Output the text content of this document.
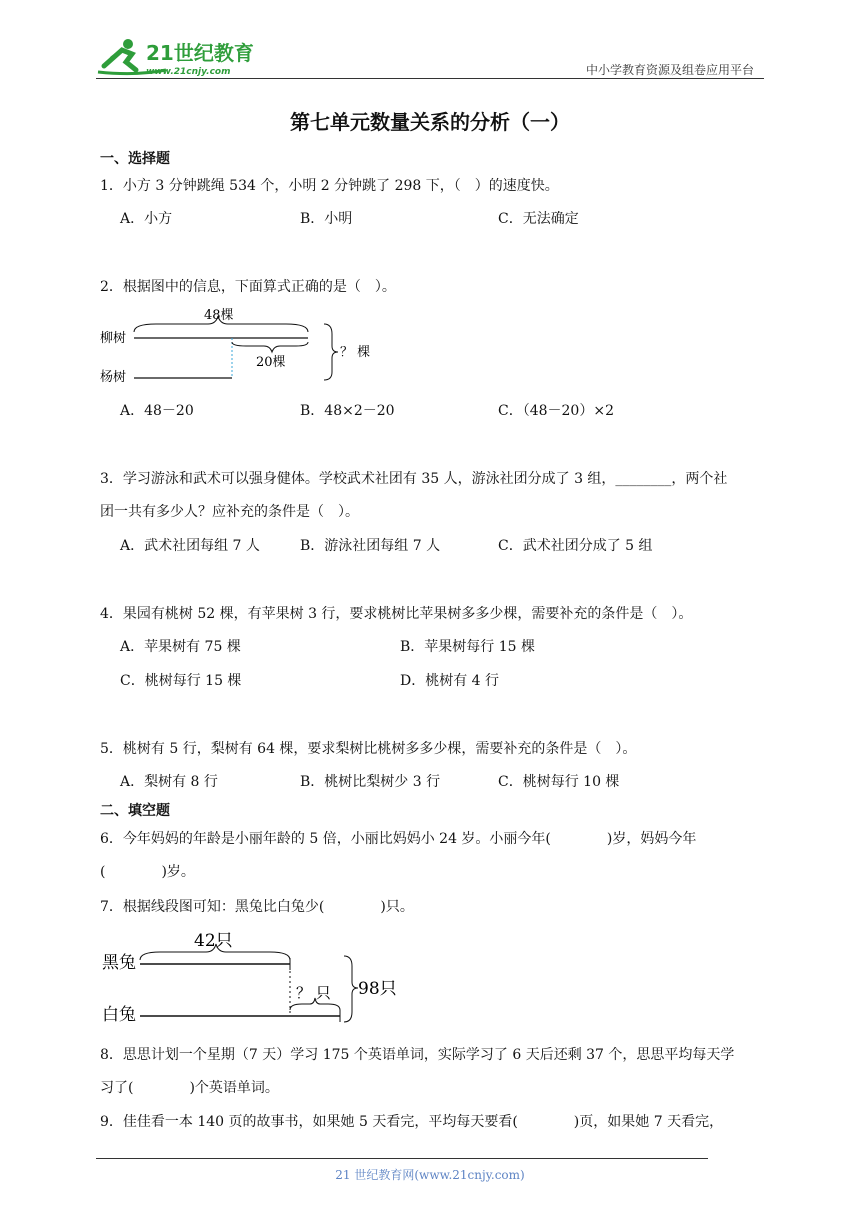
21世纪教育
www.21cnjy.com	中小学教育资源及组卷应用平台
第七单元数量关系的分析（一）
一、选择题
1．小方 3 分钟跳绳 534 个，小明 2 分钟跳了 298 下，（　）的速度快。
A．小方	B．小明	C．无法确定
2．根据图中的信息，下面算式正确的是（　）。
柳树
杨树
48棵
20棵
？ 棵
A．48－20	B．48×2－20	C．（48－20）×2
3．学习游泳和武术可以强身健体。学校武术社团有 35 人，游泳社团分成了 3 组，________，两个社
团一共有多少人？应补充的条件是（　）。
A．武术社团每组 7 人	B．游泳社团每组 7 人	C．武术社团分成了 5 组
4．果园有桃树 52 棵，有苹果树 3 行，要求桃树比苹果树多多少棵，需要补充的条件是（　）。
A．苹果树有 75 棵	B．苹果树每行 15 棵
C．桃树每行 15 棵	D．桃树有 4 行
5．桃树有 5 行，梨树有 64 棵，要求梨树比桃树多多少棵，需要补充的条件是（　）。
A．梨树有 8 行	B．桃树比梨树少 3 行	C．桃树每行 10 棵
二、填空题
6．今年妈妈的年龄是小丽年龄的 5 倍，小丽比妈妈小 24 岁。小丽今年(　　　　)岁，妈妈今年
(　　　　)岁。
7．根据线段图可知：黑兔比白兔少(　　　　)只。
黑兔
白兔
42只
？ 只 98只
8．思思计划一个星期（7 天）学习 175 个英语单词，实际学习了 6 天后还剩 37 个，思思平均每天学
习了(　　　　)个英语单词。
9．佳佳看一本 140 页的故事书，如果她 5 天看完，平均每天要看(　　　　)页，如果她 7 天看完，
21 世纪教育网(www.21cnjy.com)
